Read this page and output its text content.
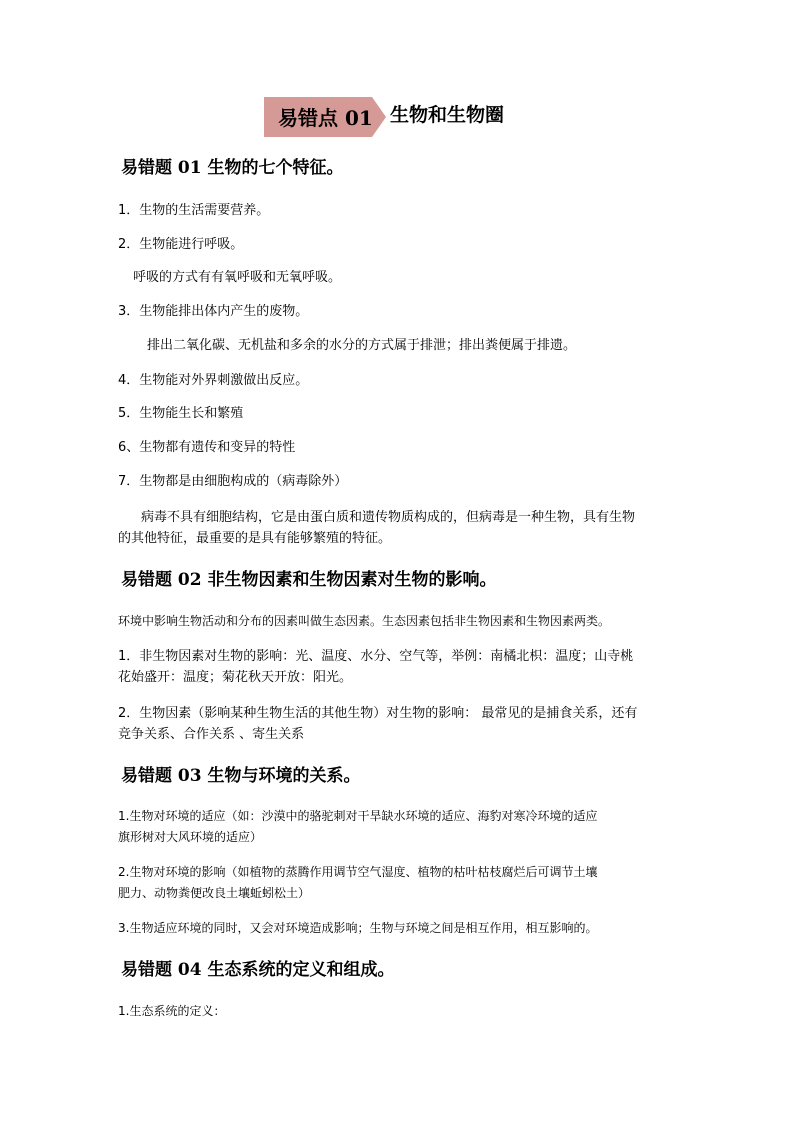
易错点 01 生物和生物圈
易错题 01 生物的七个特征。
1．生物的生活需要营养。
2．生物能进行呼吸。
呼吸的方式有有氧呼吸和无氧呼吸。
3．生物能排出体内产生的废物。
排出二氧化碳、无机盐和多余的水分的方式属于排泄；排出粪便属于排遗。
4．生物能对外界刺激做出反应。
5．生物能生长和繁殖
6、生物都有遗传和变异的特性
7．生物都是由细胞构成的（病毒除外）
病毒不具有细胞结构，它是由蛋白质和遗传物质构成的，但病毒是一种生物，具有生物
的其他特征，最重要的是具有能够繁殖的特征。
易错题 02 非生物因素和生物因素对生物的影响。
环境中影响生物活动和分布的因素叫做生态因素。生态因素包括非生物因素和生物因素两类。
1．非生物因素对生物的影响：光、温度、水分、空气等，举例：南橘北枳：温度；山寺桃
花始盛开：温度；菊花秋天开放：阳光。
2．生物因素（影响某种生物生活的其他生物）对生物的影响： 最常见的是捕食关系，还有
竞争关系、合作关系 、寄生关系
易错题 03 生物与环境的关系。
1.生物对环境的适应（如：沙漠中的骆驼刺对干旱缺水环境的适应、海豹对寒冷环境的适应
旗形树对大风环境的适应）
2.生物对环境的影响（如植物的蒸腾作用调节空气湿度、植物的枯叶枯枝腐烂后可调节土壤
肥力、动物粪便改良土壤蚯蚓松土）
3.生物适应环境的同时，又会对环境造成影响；生物与环境之间是相互作用，相互影响的。
易错题 04 生态系统的定义和组成。
1.生态系统的定义：
